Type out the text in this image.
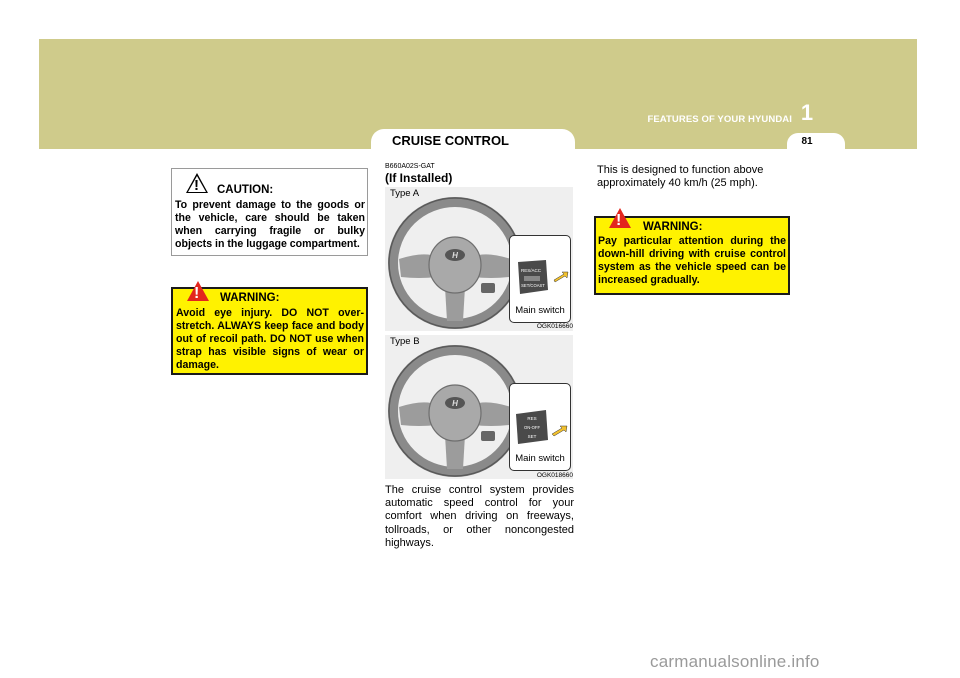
1
FEATURES OF YOUR HYUNDAI
81
CRUISE CONTROL
! CAUTION:
To prevent damage to the goods or the vehicle, care should be taken when carrying fragile or bulky objects in the luggage compartment.
! WARNING:
Avoid eye injury. DO NOT over-stretch. ALWAYS keep face and body out of recoil path. DO NOT use when strap has visible signs of wear or damage.
B660A02S-GAT
(If Installed)
Type A
H
RES/ACC
SET/COAST
Main switch
OGK016660
Type B
H
RES
ON-OFF
SET
Main switch
OGK018660
The cruise control system provides automatic speed control for your comfort when driving on freeways, tollroads, or other noncongested highways.
This is designed to function above approximately 40 km/h (25 mph).
! WARNING:
Pay particular attention during the down-hill driving with cruise control system as the vehicle speed can be increased gradually.
carmanualsonline.info
